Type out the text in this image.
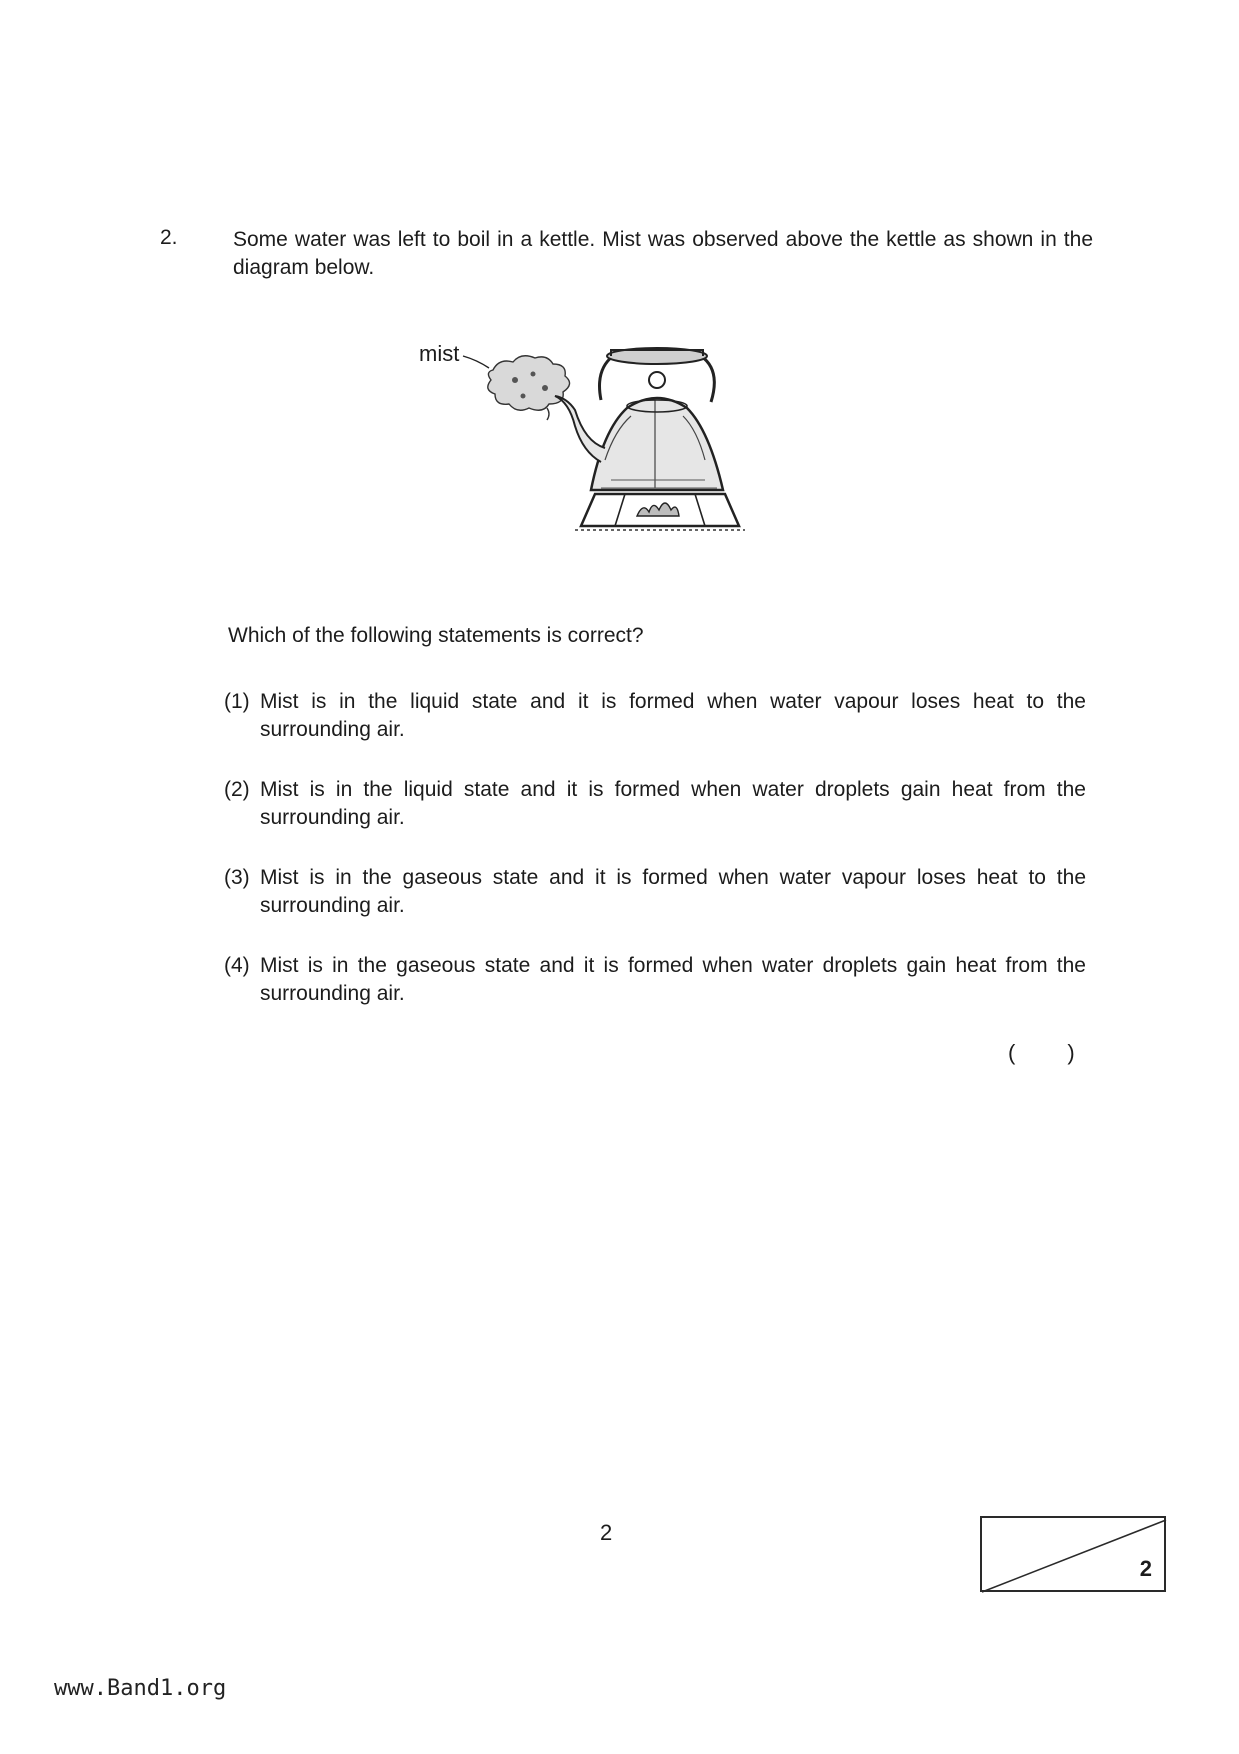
2.	Some water was left to boil in a kettle. Mist was observed above the kettle as shown in the diagram below.
mist
Which of the following statements is correct?
(1) Mist is in the liquid state and it is formed when water vapour loses heat to the surrounding air.
(2) Mist is in the liquid state and it is formed when water droplets gain heat from the surrounding air.
(3) Mist is in the gaseous state and it is formed when water vapour loses heat to the surrounding air.
(4) Mist is in the gaseous state and it is formed when water droplets gain heat from the surrounding air.
( )
2
2
www.Band1.org
